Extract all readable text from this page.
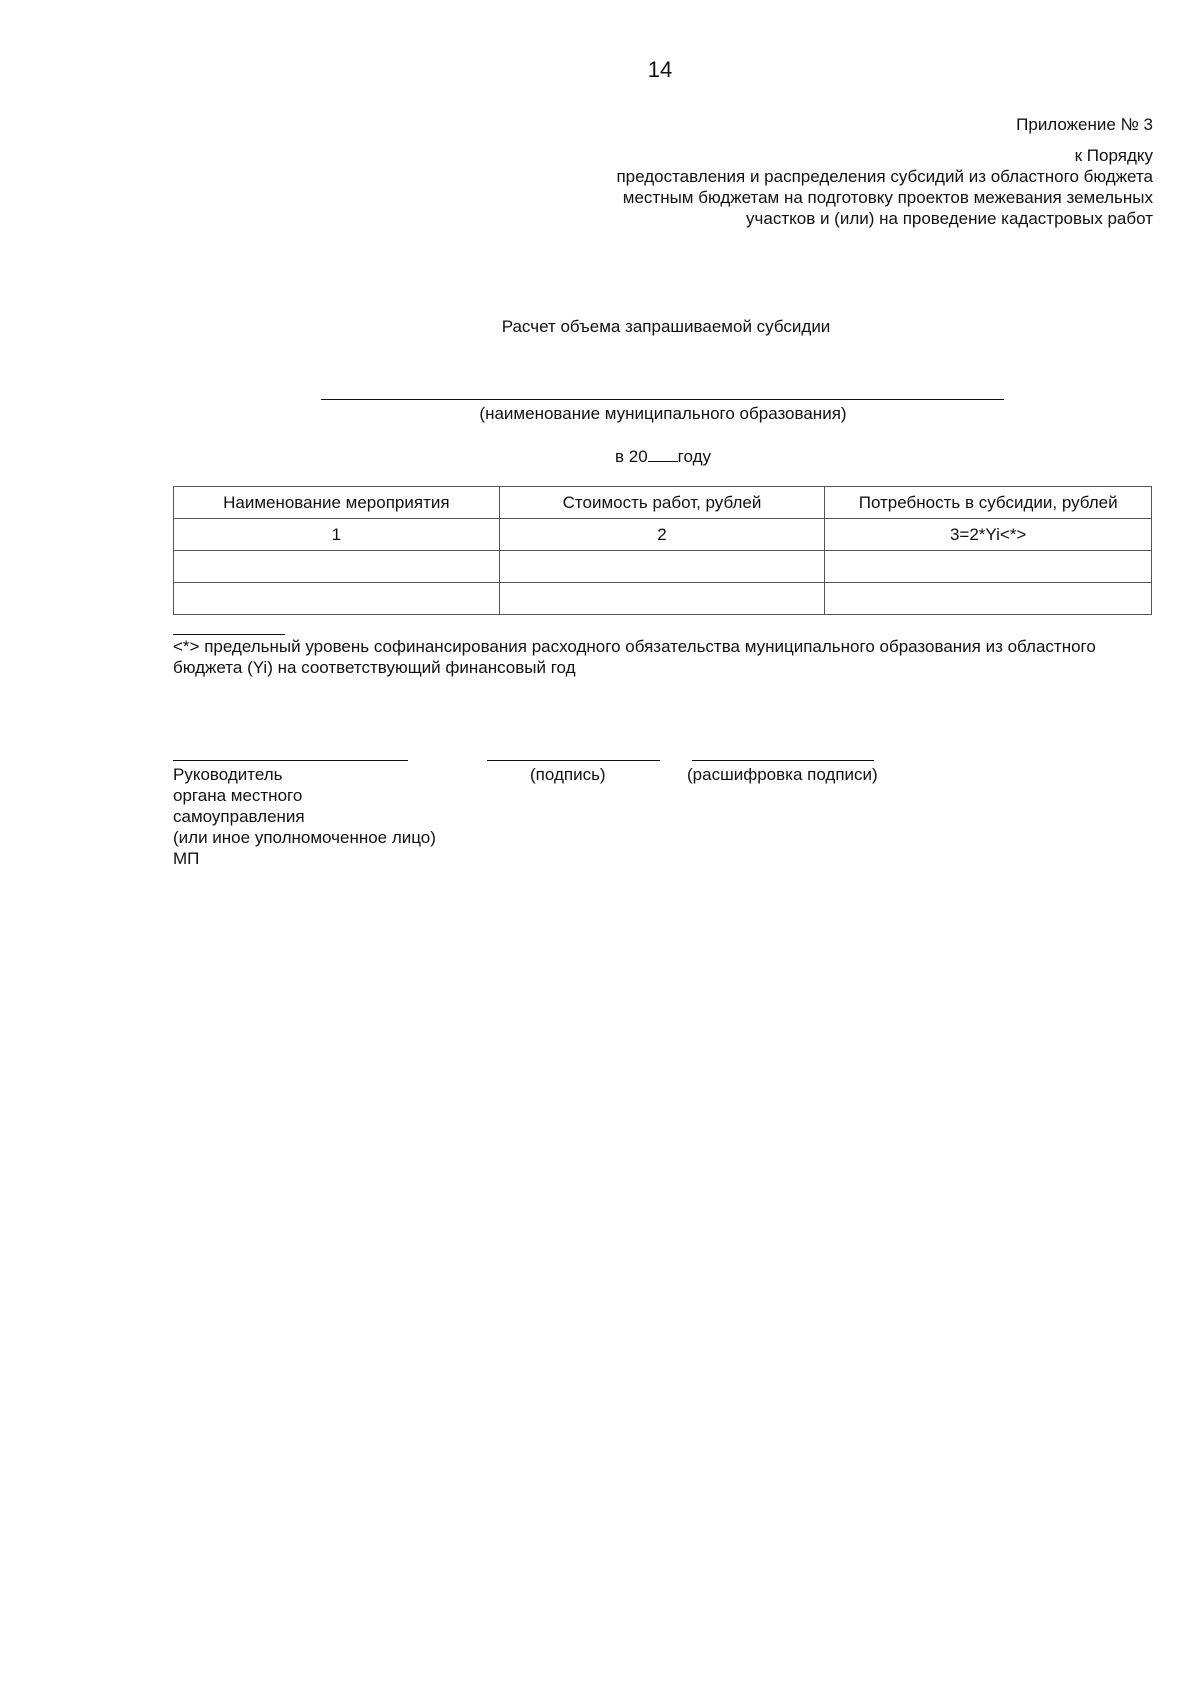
14
Приложение № 3
к Порядку
предоставления и распределения субсидий из областного бюджета
местным бюджетам на подготовку проектов межевания земельных
участков и (или) на проведение кадастровых работ
Расчет объема запрашиваемой субсидии
(наименование муниципального образования)
в 20 году
Наименование мероприятия	Стоимость работ, рублей	Потребность в субсидии, рублей
1	2	3=2*Yi<*>

<*> предельный уровень софинансирования расходного обязательства муниципального образования из областного бюджета (Yi) на соответствующий финансовый год
Руководитель
органа местного
самоуправления
(или иное уполномоченное лицо)
МП
(подпись)	(расшифровка подписи)
